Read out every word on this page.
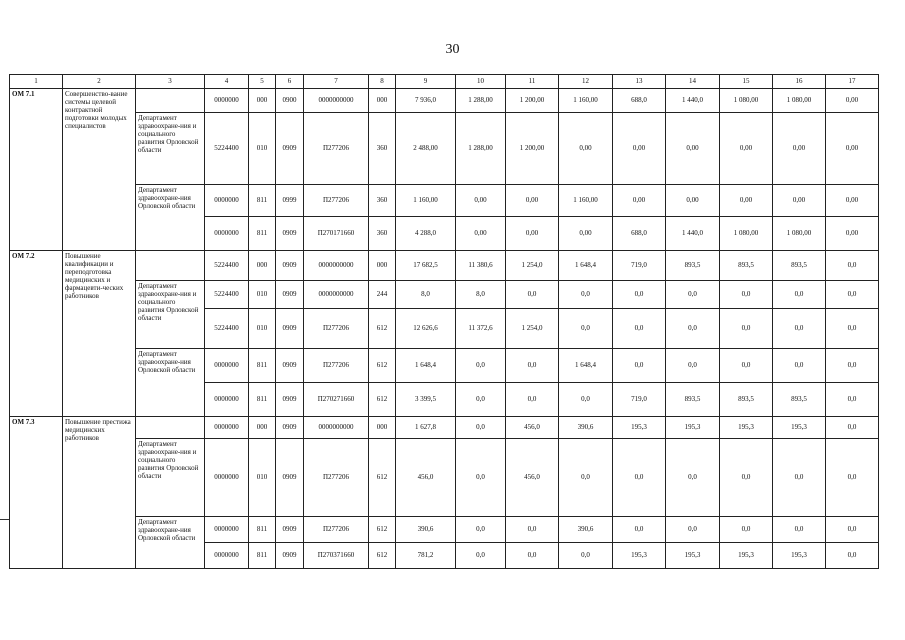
30
1	2	3	4	5	6	7	8	9	10	11	12	13	14	15	16	17
ОМ 7.1	Совершенство-вание системы целевой контрактной подготовки молодых специалистов		0000000	000	0900	0000000000	000	7 936,0	1 288,00	1 200,00	1 160,00	688,0	1 440,0	1 080,00	1 080,00	0,00
		Департамент здравоохране-ния и социального развития Орловской области	5224400	010	0909	П277206	360	2 488,00	1 288,00	1 200,00	0,00	0,00	0,00	0,00	0,00	0,00
		Департамент здравоохране-ния Орловской области	0000000	811	0999	П277206	360	1 160,00	0,00	0,00	1 160,00	0,00	0,00	0,00	0,00	0,00
			0000000	811	0909	П270171660	360	4 288,0	0,00	0,00	0,00	688,0	1 440,0	1 080,00	1 080,00	0,00
ОМ 7.2	Повышение квалификации и переподготовка медицинских и фармацевти-ческих работников		5224400	000	0909	0000000000	000	17 682,5	11 380,6	1 254,0	1 648,4	719,0	893,5	893,5	893,5	0,0
		Департамент здравоохране-ния и социального развития Орловской области	5224400	010	0909	0000000000	244	8,0	8,0	0,0	0,0	0,0	0,0	0,0	0,0	0,0
			5224400	010	0909	П277206	612	12 626,6	11 372,6	1 254,0	0,0	0,0	0,0	0,0	0,0	0,0
		Департамент здравоохране-ния Орловской области	0000000	811	0909	П277206	612	1 648,4	0,0	0,0	1 648,4	0,0	0,0	0,0	0,0	0,0
			0000000	811	0909	П270271660	612	3 399,5	0,0	0,0	0,0	719,0	893,5	893,5	893,5	0,0
ОМ 7.3	Повышение престижа медицинских работников		0000000	000	0909	0000000000	000	1 627,8	0,0	456,0	390,6	195,3	195,3	195,3	195,3	0,0
		Департамент здравоохране-ния и социального развития Орловской области	0000000	010	0909	П277206	612	456,0	0,0	456,0	0,0	0,0	0,0	0,0	0,0	0,0
		Департамент здравоохране-ния Орловской области	0000000	811	0909	П277206	612	390,6	0,0	0,0	390,6	0,0	0,0	0,0	0,0	0,0
			0000000	811	0909	П270371660	612	781,2	0,0	0,0	0,0	195,3	195,3	195,3	195,3	0,0
